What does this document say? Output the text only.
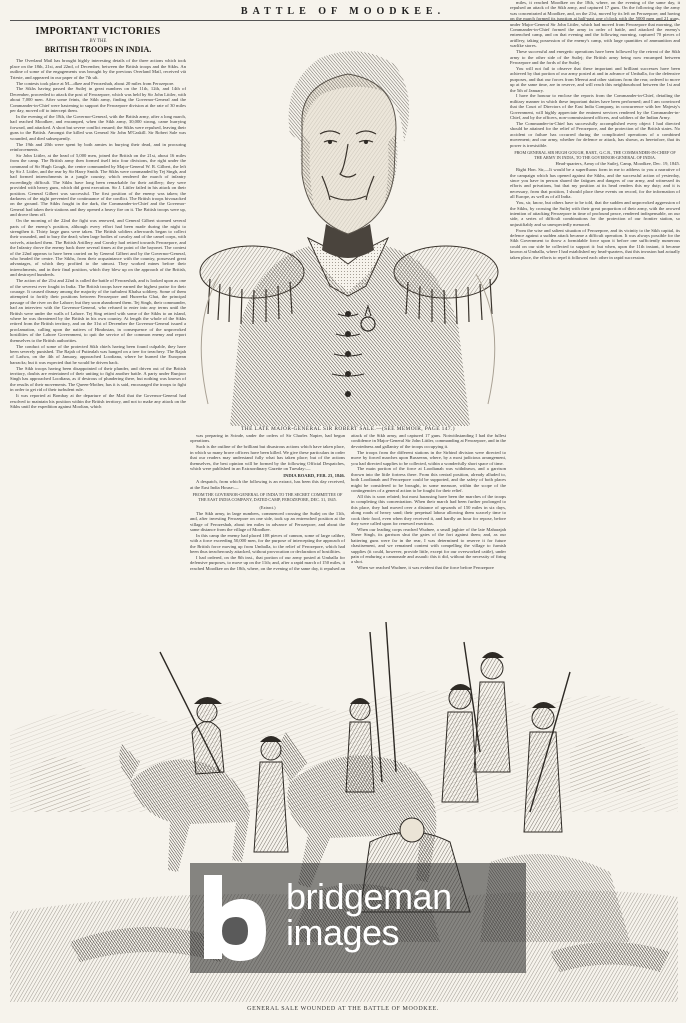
BATTLE OF MOODKEE.
IMPORTANT VICTORIES
BY THE
BRITISH TROOPS IN INDIA.

The Overland Mail has brought highly interesting details of the three actions which took place on the 18th, 21st, and 22nd, of December, between the British troops and the Sikhs. An outline of some of the engagements was brought by the previous Overland Mail, received vià Trieste, and appeared in our paper of the 7th ult.

The contests took place at M—dkee and Ferozeshah, about 20 miles from Ferozepore.

The Sikhs having passed the Sutlej in great numbers on the 11th, 12th, and 14th of December, proceeded to attack the post of Ferozepore, which was held by Sir John Littler, with about 7,000 men. After some feints, the Sikh army, finding the Governor-General and the Commander-in-Chief were hastening to support the Ferozepore division at the rate of 30 miles per day, moved off to intercept them.

In the evening of the 18th, the Governor-General, with the British army, after a long march, had reached Moodkee, and encamped, when the Sikh army, 30,000 strong, came hurrying forward, and attacked. A short but severe conflict ensued; the Sikhs were repulsed, leaving their guns to the British. Amongst the killed was General Sir John M'Caskill. Sir Robert Sale was wounded, and died subsequently.

The 19th and 20th were spent by both armies in burying their dead, and in procuring reinforcements.

Sir John Littler, at the head of 5,000 men, joined the British on the 21st, about 16 miles from the camp. The British army then formed itself into four divisions, the right under the command of Sir Hugh Gough, the centre commanded by Major-General W. R. Gilbert, the left by Sir J. Littler, and the rear by Sir Harry Smith. The Sikhs were commanded by Tej Singh, and had formed intrenchments in a jungle country, which rendered the march of infantry exceedingly difficult. The Sikhs have long been remarkable for their artillery; they were provided with heavy guns, which did great execution. Sir J. Littler failed in his attack on their position. General Gilbert was successful. The first position of the enemy was taken; the darkness of the night prevented the continuance of the conflict. The British troops bivouacked on the ground. The Sikhs fought in the dark, the Commander-in-Chief and the Governor-General had taken their stations and they opened a heavy fire on it. The British troops were up, and drove them off.

On the morning of the 22nd the fight was renewed, and General Gilbert stormed several parts of the enemy's position, although every effort had been made during the night to strengthen it. Thirty large guns were taken. The British soldiers afterwards began to collect their wounded, and to bury the dead; when large bodies of cavalry and of the camel corps, with swivels, attacked them. The British Artillery and Cavalry had retired towards Ferozepore, and the Infantry drove the enemy back three several times at the point of the bayonet. The contest of the 22nd appears to have been carried on by General Gilbert and by the Governor-General, who headed the centre. The Sikhs, from their acquaintance with the country, possessed great advantages, of which they profited to the utmost. They worked mines before their intrenchments, and in their final position, which they blew up on the approach of the British, and destroyed hundreds.

The action of the 21st and 22nd is called the battle of Ferozeshah, and is looked upon as one of the severest ever fought in India. The British troops have earned the highest praise for their courage. It caused dismay among the majority of the turbulent Khalsa soldiery. Some of them attempted to fortify their positions between Ferozepore and Hurreeka Ghat, the principal passage of the river on the Lahore; but they soon abandoned them. Tej Singh, their commander, had an interview with the Governor-General, who refused to enter into any terms until the British were under the walls of Lahore. Tej Sing retired with some of the Sikhs to an island, where he was threatened by the British in his own country. At length the whole of the Sikhs retired from the British territory, and on the 31st of December the Governor-General issued a proclamation, calling upon the natives of Hindostan, in consequence of the unprovoked hostilities of the Lahore Government, to quit the service of the common enemy and report themselves to the British authorities.

The conduct of some of the protected Sikh chiefs having been found culpable, they have been severely punished. The Rajah of Puttealah was hanged on a tree for treachery. The Rajah of Ladwa, on the 4th of January, approached Loodiana, where he burned the European barracks; but it was expected that he would be driven back.

The Sikh troops having been disappointed of their plunder, and driven out of the British territory, doubts are entertained of their uniting to fight another battle. A party under Runjoor Singh has approached Loodiana, as if desirous of plundering there, but nothing was known of the results of their movements. The Queen-Mother, has it is said, encouraged the troops to fight in order to get rid of their turbulent rule.

It was reported at Bombay at the departure of the Mail that the Governor-General had resolved to maintain his position within the British territory, and not to make any attack on the Sikhs until the expedition against Mooltan, which

THE LATE MAJOR-GENERAL SIR ROBERT SALE.—(SEE MEMOIR, PAGE 147.)

was preparing in Scinde, under the orders of Sir Charles Napier, had begun operations.

Such is the outline of the brilliant but disastrous actions which have taken place, in which so many brave officers have been killed. We give these particulars in order that our readers may understand fully what has taken place; but of the actions themselves, the best opinion will be formed by the following Official Despatches, which were published in an Extraordinary Gazette on Tuesday:—

INDIA BOARD, FEB. 23, 1846.

A despatch, from which the following is an extract, has been this day received, at the East India House:—

FROM THE GOVERNOR-GENERAL OF INDIA TO THE SECRET COMMITTEE OF THE EAST INDIA COMPANY, DATED CAMP, FEROZEPORE, DEC. 31, 1845.

(Extract.)

The Sikh army, in large numbers, commenced crossing the Sutlej on the 11th, and, after investing Ferozepore on one side, took up an entrenched position at the village of Ferozeshah, about ten miles in advance of Ferozepore, and about the same distance from the village of Moodkee.

In this camp the enemy had placed 108 pieces of cannon, some of large calibre, with a force exceeding 50,000 men, for the purpose of intercepting the approach of the British force moving up from Umballa, to the relief of Ferozepore, which had been thus treacherously attacked, without provocation or declaration of hostilities.

I had ordered, on the 8th inst., that portion of our army posted at Umballa for defensive purposes, to move up on the 11th; and, after a rapid march of 150 miles, it reached Moodkee on the 18th, where, on the evening of the same day, it repulsed an attack of the Sikh army, and captured 17 guns. Notwithstanding I had the fullest confidence in Major-General Sir John Littler, commanding at Ferozepore, and in the devotedness and gallantry of the troops occupying it.

The troops from the different stations in the Sirhind division were directed to move by forced marches upon Busseean, where, by a most judicious arrangement, you had directed supplies to be collected, within a wonderfully short space of time.

The main portion of the force at Loodianah was withdrawn, and a garrison thrown into the little fortress there. From this central position, already alluded to, both Loodianah and Ferozepore could be supported, and the safety of both places might be considered to be brought, in some measure, within the scope of the contingencies of a general action to be fought for their relief.

All this is soon related; but most harassing have been the marches of the troops in completing this concentration. When their march had been further prolonged to this place, they had moved over a distance of upwards of 150 miles in six days, along roads of heavy sand; their perpetual labour allowing them scarcely time to cook their food, even when they received it, and hardly an hour for repose, before they were called upon for renewed exertions.

When our leading corps reached Wudnee, a small jaghire of the late Maharajah Shere Singh, its garrison shut the gates of the fort against them; and, as our battering guns were far in the rear, I was determined to reserve it for future chastisement, and we remained content with compelling the village to furnish supplies (it could, however, provide little, except for our overworked cattle), under pain of enduring a cannonade and assault: this it did, without the necessity of firing a shot.

When we reached Wudnee, it was evident that the force before Ferozepore

miles, it reached Moodkee on the 18th, where, on the evening of the same day, it repulsed an attack of the Sikh army, and captured 17 guns. On the following day the army was concentrated at Moodkee, and, on the 21st, moved by its left on Ferozepore; and having on the march formed its junction at half-past one o'clock with the 5000 men and 21 guns, under Major-General Sir John Littler, which had moved from Ferozepore that morning, the Commander-in-Chief formed the army in order of battle, and attacked the enemy's entrenched camp, and on that evening and the following morning, captured 70 pieces of artillery, taking possession of the enemy's camp, with large quantities of ammunition and warlike stores.

These successful and energetic operations have been followed by the retreat of the Sikh army to the other side of the Sutlej; the British army being now encamped between Ferozepore and the fords of the Sutlej.

You will not fail to observe that these important and brilliant successes have been achieved by that portion of our army posted at and in advance of Umballa, for the defensive purposes, and that our forces from Meerut and other stations from the rear, ordered to move up at the same time, are in reserve, and will reach this neighbourhood between the 1st and the 5th of January.

I have the honour to enclose the reports from the Commander-in-Chief, detailing the military manner in which these important duties have been performed; and I am convinced that the Court of Directors of the East India Company, in concurrence with her Majesty's Government, will highly appreciate the eminent services rendered by the Commander-in-Chief, and by the officers, non-commissioned officers, and soldiers of the Indian Army.

The Commander-in-Chief has successfully accomplished every object I had directed should be attained for the relief of Ferozepore, and the protection of the British states. No accident or failure has occurred during the complicated operations of a combined movement; and our army, whether for defence or attack, has shown, as heretofore, that its power is irresistible.

FROM GENERAL SIR HUGH GOUGH, BART., G.C.B., THE COMMANDER-IN-CHIEF OF THE ARMY IN INDIA, TO THE GOVERNOR-GENERAL OF INDIA.

Head-quarters, Army of the Sutlej, Camp, Moodkee, Dec. 19, 1845.

Right Hon. Sir,—It would be a superfluous form in me to address to you a narrative of the campaign which has opened against the Sikhs, and the successful action of yesterday, since you have in person shared the fatigues and dangers of our army, and witnessed its efforts and privations, but that my position at its head renders this my duty; and it is necessary, from that position, I should place these events on record, for the information of all Europe, as well as of all India.

You, sir, know, but others have to be told, that the sudden and unprovoked aggression of the Sikhs, by crossing the Sutlej with their great proportion of their army, with the avowed intention of attacking Ferozepore in time of profound peace, rendered indispensable, on our side, a series of difficult combinations for the protection of our frontier station, so unjustifiably and so unexpectedly menaced.

From the wise and salient situation of Ferozepore, and its vicinity to the Sikh capital, its defence against a sudden attack became a difficult operation. It was always possible for the Sikh Government to throw a formidable force upon it before one sufficiently numerous could on our side be collected to support it: but when, upon the 11th instant, it became known at Umballa, where I had established my head-quarters, that this invasion had actually taken place, the efforts to repel it followed each other in rapid succession.

bridgeman
images
GENERAL SALE WOUNDED AT THE BATTLE OF MOODKEE.
